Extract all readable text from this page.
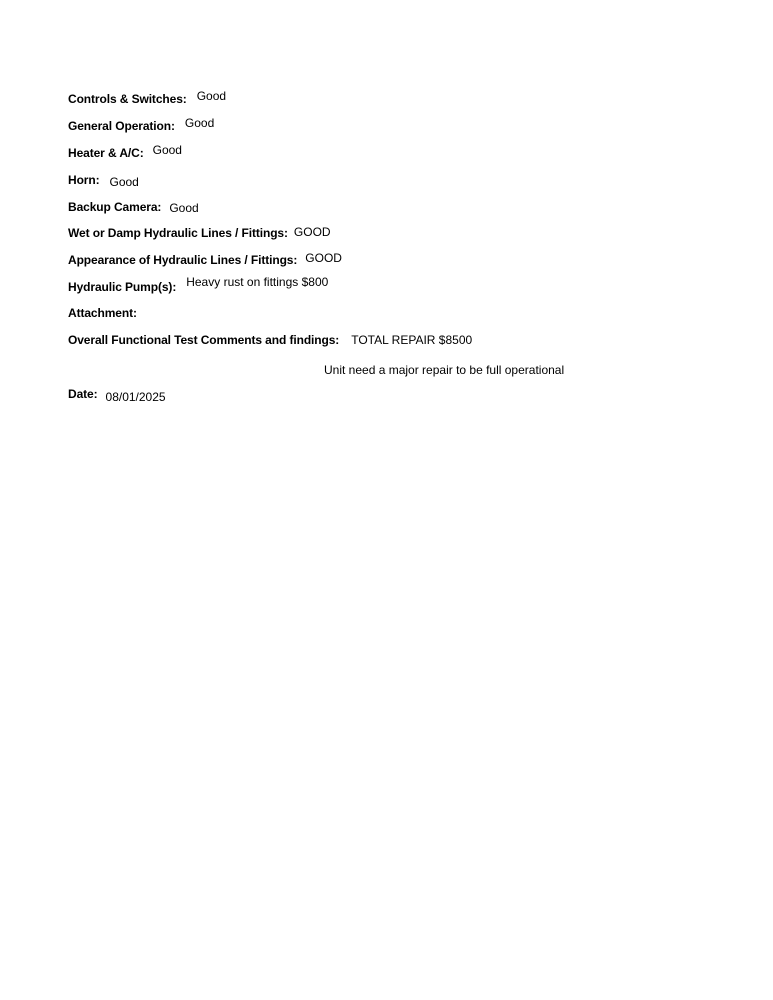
Controls & Switches: Good
General Operation: Good
Heater & A/C: Good
Horn: Good
Backup Camera: Good
Wet or Damp Hydraulic Lines / Fittings: GOOD
Appearance of Hydraulic Lines / Fittings: GOOD
Hydraulic Pump(s): Heavy rust on fittings $800
Attachment:
Overall Functional Test Comments and findings: TOTAL REPAIR $8500
Unit need a major repair to be full operational
Date: 08/01/2025
